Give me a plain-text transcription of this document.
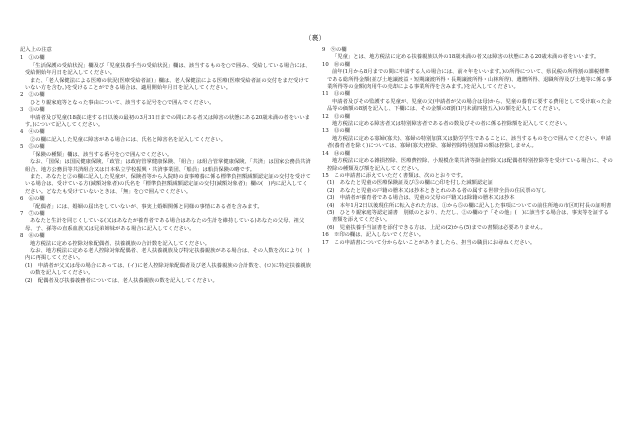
（裏）
記入上の注意
1　①の欄
「生活保護の受給状況」欄及び「児童扶養手当の受給状況」欄は、該当するものを○で囲み、受給している場合には、受給開始年月日を記入してください。
また、「老人保健法による医療の状況(医療受給者証)」欄は、老人保健法による医療(医療受給者証の交付をまだ受けていない方を含む。)を受けることができる場合は、適用開始年月日を記入してください。
2　②の欄
ひとり親家庭等となった事由について、該当する記号を○で囲んでください。
3　③の欄
申請者及び児童(18歳に達する日以後の最初の3月31日までの間にある者又は障害の状態にある20歳未満の者をいいます。)について記入してください。
4　④の欄
②の欄に記入した児童に障害がある場合には、氏名と障害名を記入してください。
5　⑤の欄
「保険の種類」欄は、該当する番号を○で囲んでください。
なお、「国保」は国民健康保険、「政管」は政府管掌健康保険、「組合」は組合管掌健康保険、「共済」は国家公務員共済組合、地方公務員等共済組合又は日本私立学校振興・共済事業団、「船員」は船員保険の略です。
また、あなたと②の欄に記入した児童が、保険者等から入院時の食事療養に係る標準負担額減額認定証の交付を受けている場合は、受けている方(減額対象者)の氏名を「標準負担額減額認定証の交付(減額対象者)」欄の(　)内に記入してください。どなたも受けていないときは、「無」を○で囲んでください。
6　⑥の欄
「配偶者」には、婚姻の届出をしていないが、事実上婚姻関係と同様の事情にある者を含みます。
7　⑦の欄
あなたと生計を同じくしている(又はあなたが養育者である場合はあなたの生計を維持している)あなたの父母、祖父母、子、孫等の直系血族又は兄弟姉妹がある場合に記入してください。
8　⑧の欄
地方税法に定める控除対象配偶者、扶養親族の合計数を記入してください。
なお、地方税法に定める老人控除対象配偶者、老人扶養親族及び特定扶養親族がある場合は、その人数を次により(　)内に再掲してください。
(1)　申請者が父又は母の場合にあっては、(イ)に老人控除対象配偶者及び老人扶養親族の合計数を、(ロ)に特定扶養親族の数を記入してください。
(2)　配偶者及び扶養義務者については、老人扶養親族の数を記入してください。
9　⑨の欄
「児童」とは、地方税法に定める扶養親族以外の18歳未満の者又は障害の状態にある20歳未満の者をいいます。
10　⑩の欄
前年(1月から8月までの間に申請する人の場合には、前々年をいいます。)の所得について、県民税の所得割の課税標準である総所得金額(並び土地譲渡益・短期譲渡所得・長期譲渡所得・山林所得)、遺贈所得、退職所得及び土地等に係る事業所得等の金額(肉用牛の売却による事業所得を含みます。)を記入してください。
11　⑪の欄
申請者及びその監護する児童が、児童の父(申請者が父の場合は母)から、児童の養育に要する費用として受け取った金品等の価額の8割を記入し、下欄には、その金額の8割(1円未満四捨五入)の額を記入してください。
12　⑫の欄
地方税法に定める障害者又は特別障害者である者の数及びその者に係る控除額を記入してください。
13　⑬の欄
地方税法に定める寡婦(寡夫)、寡婦の特別加算又は勤労学生であることに、該当するものを○で囲んでください。申請者(養育者を除く)については、寡婦(寡夫)控除、寡婦控除特別加算の額は控除しません。
14　⑭の欄
地方税法に定める雑損控除、医療費控除、小規模企業共済等掛金控除又は配偶者特別控除等を受けている場合に、その控除の種類及び額を記入してください。
15　この申請書に添えていただく書類は、次のとおりです。
(1)　あなたと児童の医療保険証及び⑤の欄に○印を付した減額認定証
(2)　あなたと児童の戸籍の謄本又は抄本ときとれのある者の属する世帯全員の住民票の写し
(3)　申請者が養育者である場合は、児童の父母の戸籍又は除籍の謄本又は抄本
(4)　本年1月2日以後現住所に転入された方は、①から⑤の欄に記入した事項についての前住所地の市区町村長の証明書
(5)　ひとり親家庭等認定請書　別紙のとおり、ただし、②の欄の子「その他」(　)に該当する場合は、事実等を証する書類を添えてください。
(6)　児童扶養手当証書を添付できる方は、上記の(2)から(5)までの書類は必要ありません。
16　※印の欄は、記入しないでください。
17　この申請書について分からないことがありましたら、担当の職員にお尋ねください。
